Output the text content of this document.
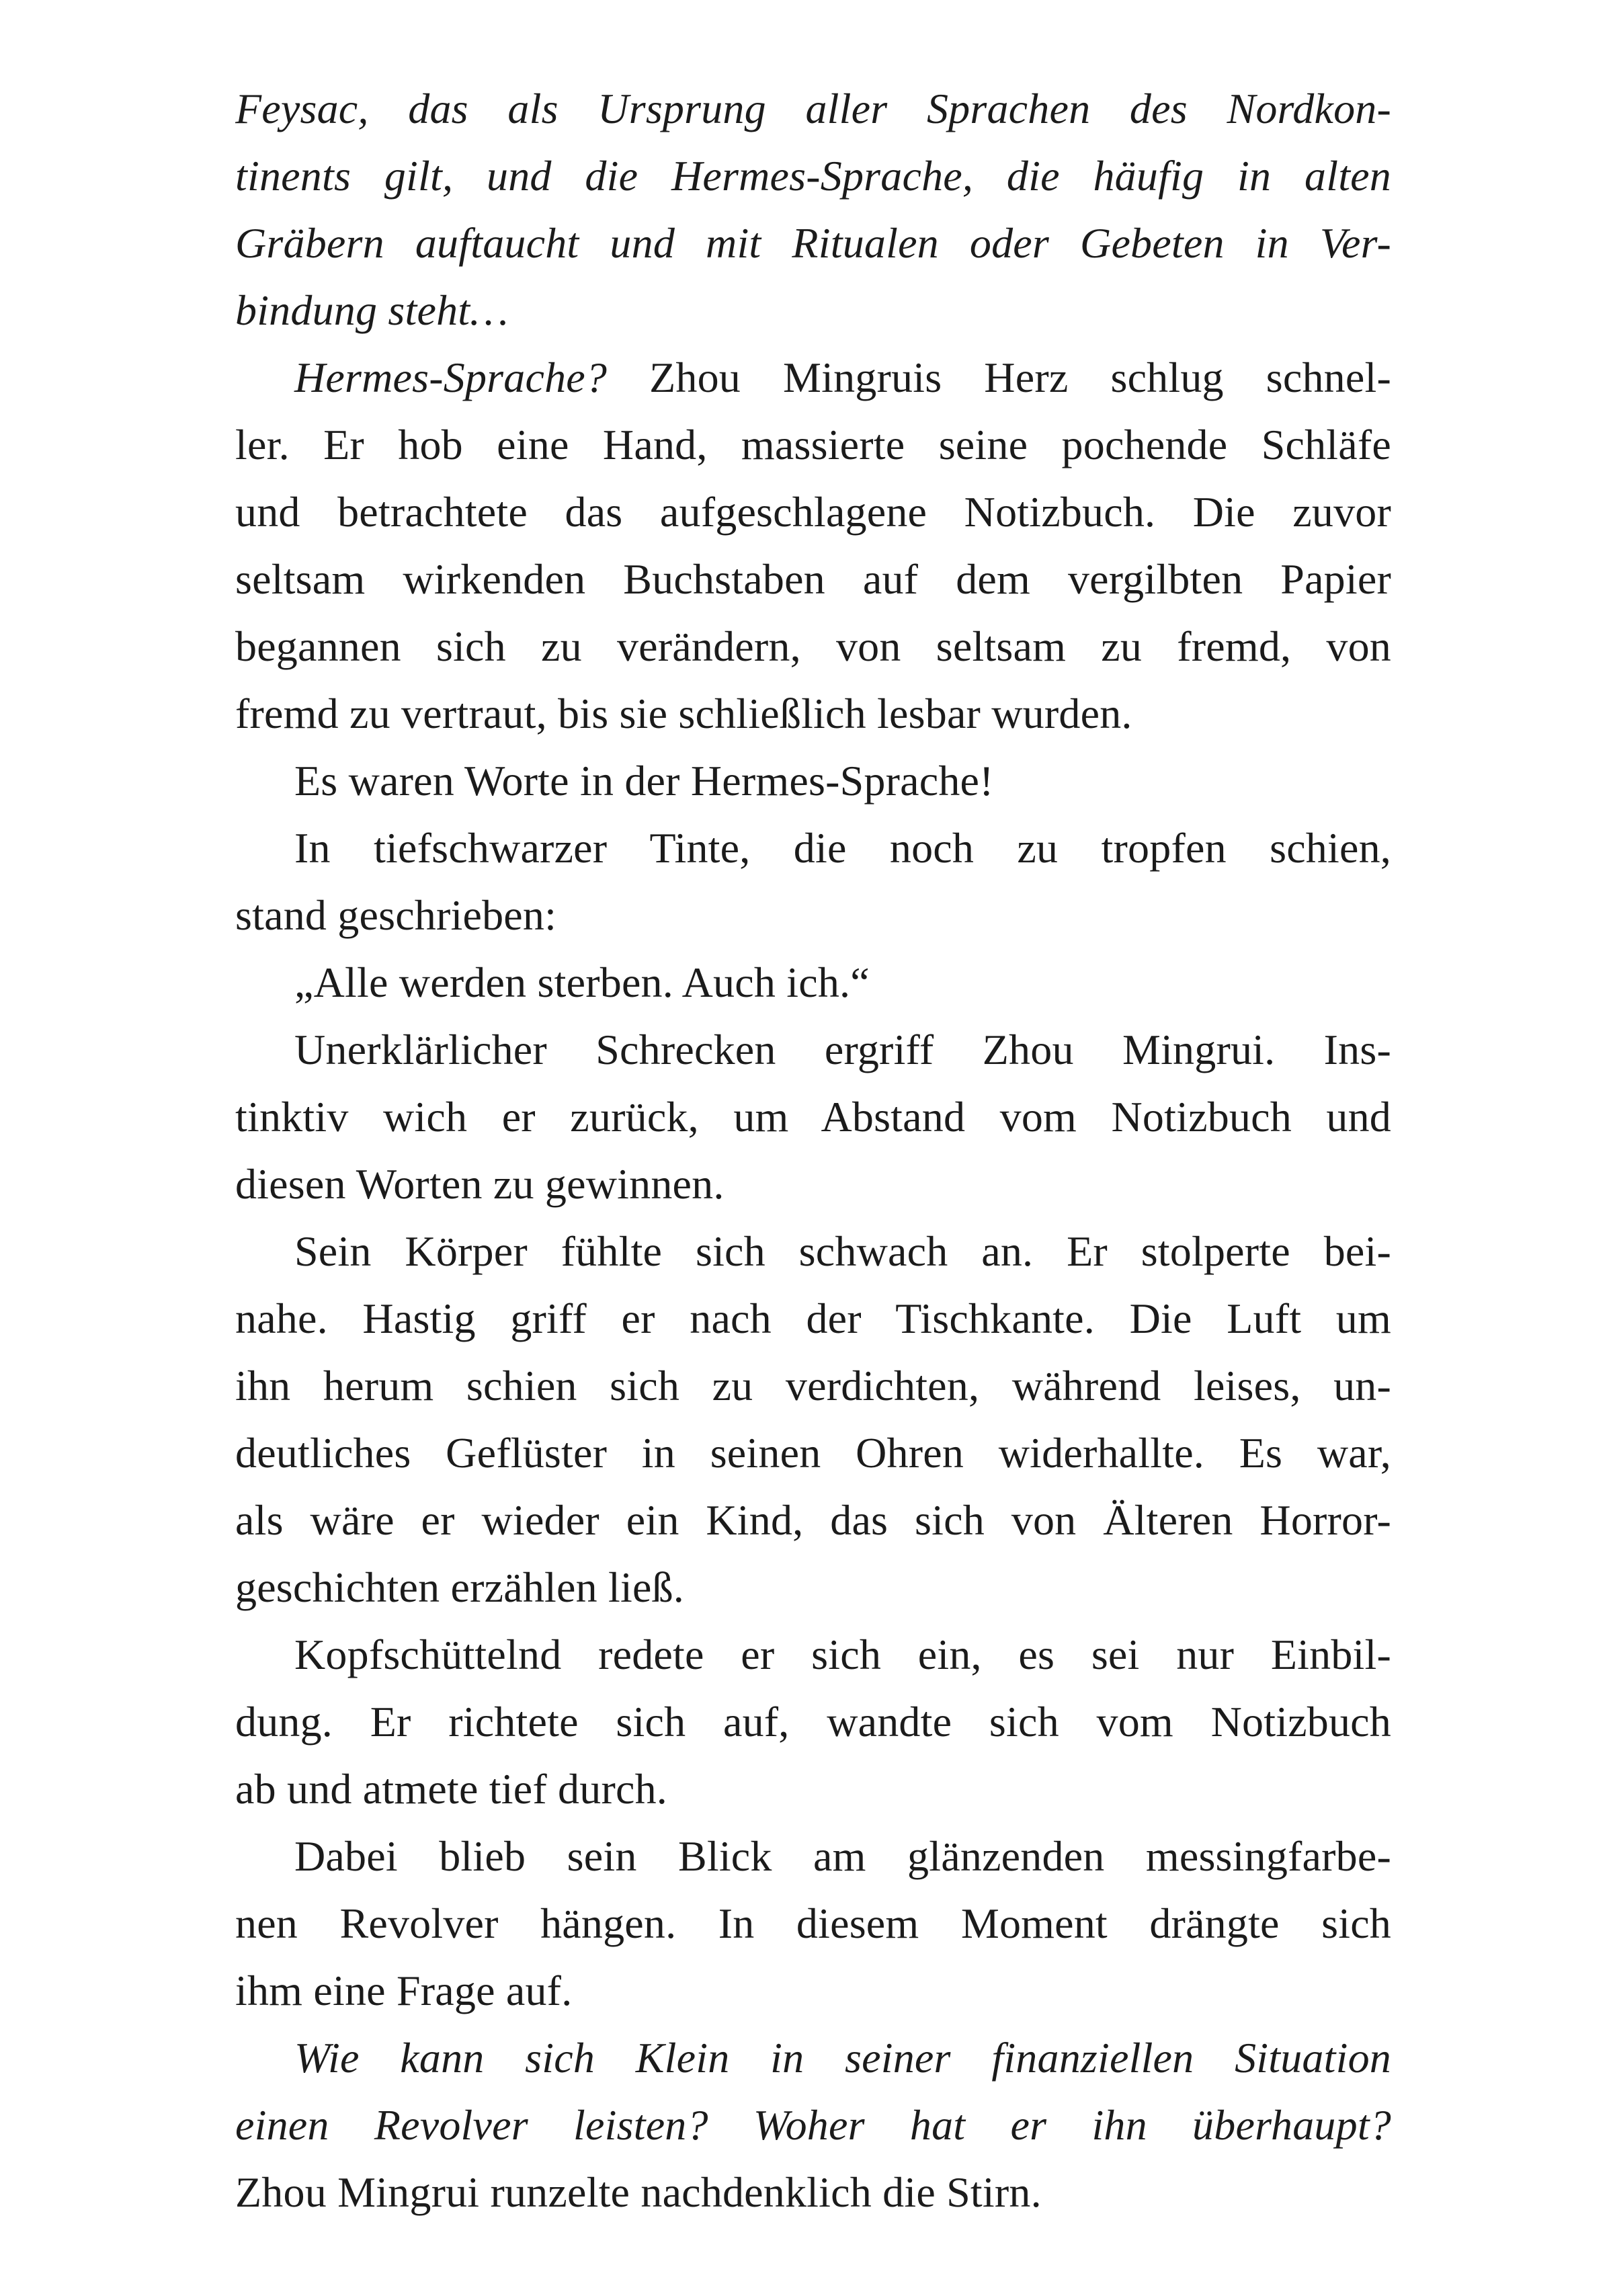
Feysac, das als Ursprung aller Sprachen des Nordkon-
tinents gilt, und die Hermes-Sprache, die häufig in alten
Gräbern auftaucht und mit Ritualen oder Gebeten in Ver-
bindung steht…
Hermes-Sprache? Zhou Mingruis Herz schlug schnel-
ler. Er hob eine Hand, massierte seine pochende Schläfe
und betrachtete das aufgeschlagene Notizbuch. Die zuvor
seltsam wirkenden Buchstaben auf dem vergilbten Papier
begannen sich zu verändern, von seltsam zu fremd, von
fremd zu vertraut, bis sie schließlich lesbar wurden.
Es waren Worte in der Hermes-Sprache!
In tiefschwarzer Tinte, die noch zu tropfen schien,
stand geschrieben:
„Alle werden sterben. Auch ich.“
Unerklärlicher Schrecken ergriff Zhou Mingrui. Ins-
tinktiv wich er zurück, um Abstand vom Notizbuch und
diesen Worten zu gewinnen.
Sein Körper fühlte sich schwach an. Er stolperte bei-
nahe. Hastig griff er nach der Tischkante. Die Luft um
ihn herum schien sich zu verdichten, während leises, un-
deutliches Geflüster in seinen Ohren widerhallte. Es war,
als wäre er wieder ein Kind, das sich von Älteren Horror-
geschichten erzählen ließ.
Kopfschüttelnd redete er sich ein, es sei nur Einbil-
dung. Er richtete sich auf, wandte sich vom Notizbuch
ab und atmete tief durch.
Dabei blieb sein Blick am glänzenden messingfarbe-
nen Revolver hängen. In diesem Moment drängte sich
ihm eine Frage auf.
Wie kann sich Klein in seiner finanziellen Situation
einen Revolver leisten? Woher hat er ihn überhaupt?
Zhou Mingrui runzelte nachdenklich die Stirn.
